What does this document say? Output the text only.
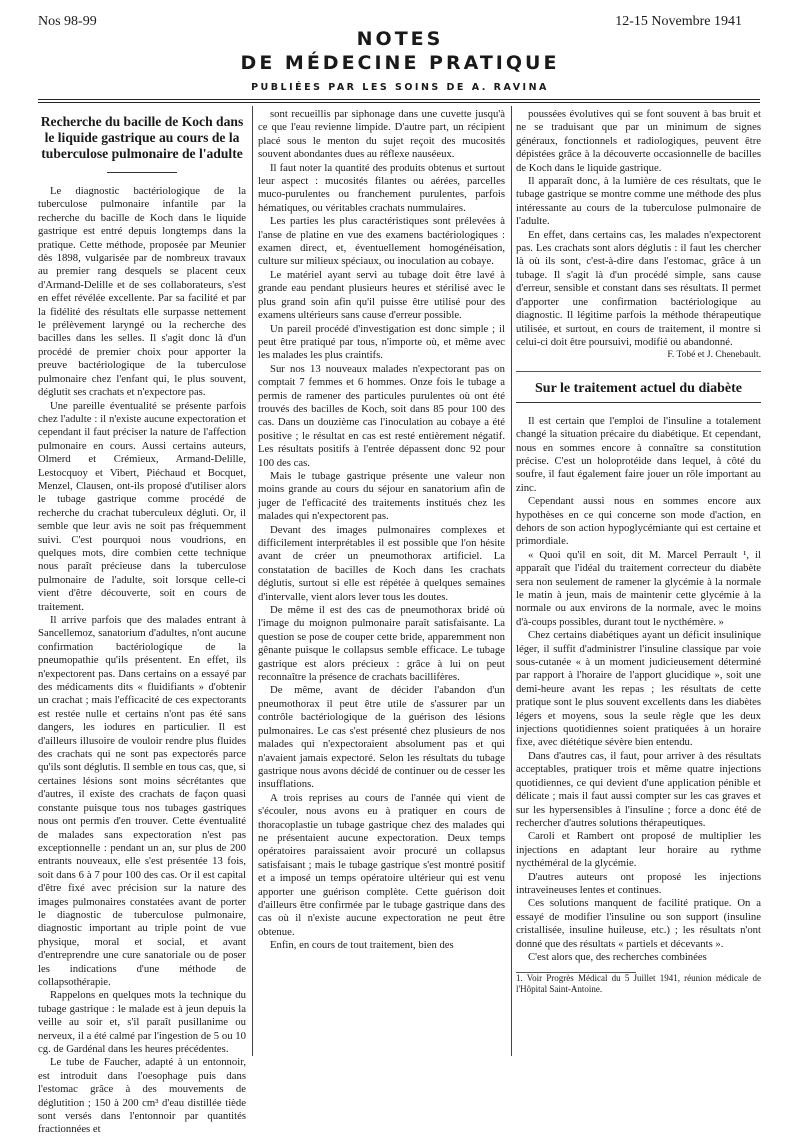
Nos 98-99	12-15 Novembre 1941
NOTES
DE MÉDECINE PRATIQUE
PUBLIÉES PAR LES SOINS DE A. RAVINA
Recherche du bacille de Koch dans le liquide gastrique au cours de la tuberculose pulmonaire de l'adulte

Le diagnostic bactériologique de la tuberculose pulmonaire infantile par la recherche du bacille de Koch dans le liquide gastrique est entré depuis longtemps dans la pratique. Cette méthode, proposée par Meunier dès 1898, vulgarisée par de nombreux travaux au premier rang desquels se placent ceux d'Armand-Delille et de ses collaborateurs, s'est en effet révélée excellente. Par sa facilité et par la fidélité des résultats elle surpasse nettement le prélèvement laryngé ou la recherche des bacilles dans les selles. Il s'agit donc là d'un procédé de premier choix pour apporter la preuve bactériologique de la tuberculose pulmonaire chez l'enfant qui, le plus souvent, déglutit ses crachats et n'expectore pas.

Une pareille éventualité se présente parfois chez l'adulte : il n'existe aucune expectoration et cependant il faut préciser la nature de l'affection pulmonaire en cours. Aussi certains auteurs, Olmerd et Crémieux, Armand-Delille, Lestocquoy et Vibert, Piéchaud et Bocquet, Menzel, Clausen, ont-ils proposé d'utiliser alors le tubage gastrique comme procédé de recherche du crachat tuberculeux dégluti. Or, il semble que leur avis ne soit pas fréquemment suivi. C'est pourquoi nous voudrions, en quelques mots, dire combien cette technique nous paraît précieuse dans la tuberculose pulmonaire de l'adulte, soit lorsque celle-ci vient d'être découverte, soit en cours de traitement.

Il arrive parfois que des malades entrant à Sancellemoz, sanatorium d'adultes, n'ont aucune confirmation bactériologique de la pneumopathie qu'ils présentent. En effet, ils n'expectorent pas. Dans certains on a essayé par des médicaments dits « fluidifiants » d'obtenir un crachat ; mais l'efficacité de ces expectorants est restée nulle et certains n'ont pas été sans dangers, les iodures en particulier. Il est d'ailleurs illusoire de vouloir rendre plus fluides des crachats qui ne sont pas expectorés parce qu'ils sont déglutis. Il semble en tous cas, que, si certaines lésions sont moins sécrétantes que d'autres, il existe des crachats de façon quasi constante puisque tous nos tubages gastriques nous ont permis d'en trouver. Cette éventualité de malades sans expectoration n'est pas exceptionnelle : pendant un an, sur plus de 200 entrants nouveaux, elle s'est présentée 13 fois, soit dans 6 à 7 pour 100 des cas. Or il est capital d'être fixé avec précision sur la nature des images pulmonaires constatées avant de porter le diagnostic de tuberculose pulmonaire, diagnostic important au triple point de vue physique, moral et social, et avant d'entreprendre une cure sanatoriale ou de poser les indications d'une méthode de collapsothérapie.

Rappelons en quelques mots la technique du tubage gastrique : le malade est à jeun depuis la veille au soir et, s'il paraît pusillanime ou nerveux, il a été calmé par l'ingestion de 5 ou 10 cg. de Gardénal dans les heures précédentes.

Le tube de Faucher, adapté à un entonnoir, est introduit dans l'oesophage puis dans l'estomac grâce à des mouvements de déglutition ; 150 à 200 cm³ d'eau distillée tiède sont versés dans l'entonnoir par quantités fractionnées et

sont recueillis par siphonage dans une cuvette jusqu'à ce que l'eau revienne limpide. D'autre part, un récipient placé sous le menton du sujet reçoit des mucosités souvent abondantes dues au réflexe nauséeux.

Il faut noter la quantité des produits obtenus et surtout leur aspect : mucosités filantes ou aérées, parcelles muco-purulentes ou franchement purulentes, parfois hématiques, ou véritables crachats nummulaires.

Les parties les plus caractéristiques sont prélevées à l'anse de platine en vue des examens bactériologiques : examen direct, et, éventuellement homogénéisation, culture sur milieux spéciaux, ou inoculation au cobaye.

Le matériel ayant servi au tubage doit être lavé à grande eau pendant plusieurs heures et stérilisé avec le plus grand soin afin qu'il puisse être utilisé pour des examens ultérieurs sans cause d'erreur possible.

Un pareil procédé d'investigation est donc simple ; il peut être pratiqué par tous, n'importe où, et même avec les malades les plus craintifs.

Sur nos 13 nouveaux malades n'expectorant pas on comptait 7 femmes et 6 hommes. Onze fois le tubage a permis de ramener des particules purulentes où ont été trouvés des bacilles de Koch, soit dans 85 pour 100 des cas. Dans un douzième cas l'inoculation au cobaye a été positive ; le résultat en cas est resté entièrement négatif. Les résultats positifs à l'entrée dépassent donc 92 pour 100 des cas.

Mais le tubage gastrique présente une valeur non moins grande au cours du séjour en sanatorium afin de juger de l'efficacité des traitements institués chez les malades qui n'expectorent pas.

Devant des images pulmonaires complexes et difficilement interprétables il est possible que l'on hésite avant de créer un pneumothorax artificiel. La constatation de bacilles de Koch dans les crachats déglutis, surtout si elle est répétée à quelques semaines d'intervalle, vient alors lever tous les doutes.

De même il est des cas de pneumothorax bridé où l'image du moignon pulmonaire paraît satisfaisante. La question se pose de couper cette bride, apparemment non gênante puisque le collapsus semble efficace. Le tubage gastrique est alors précieux : grâce à lui on peut reconnaître la présence de crachats bacillifères.

De même, avant de décider l'abandon d'un pneumothorax il peut être utile de s'assurer par un contrôle bactériologique de la guérison des lésions pulmonaires. Le cas s'est présenté chez plusieurs de nos malades qui n'expectoraient absolument pas et qui n'avaient jamais expectoré. Selon les résultats du tubage gastrique nous avons décidé de continuer ou de cesser les insufflations.

A trois reprises au cours de l'année qui vient de s'écouler, nous avons eu à pratiquer en cours de thoracoplastie un tubage gastrique chez des malades qui ne présentaient aucune expectoration. Deux temps opératoires paraissaient avoir procuré un collapsus satisfaisant ; mais le tubage gastrique s'est montré positif et a imposé un temps opératoire ultérieur qui est venu apporter une guérison complète. Cette guérison doit d'ailleurs être confirmée par le tubage gastrique dans des cas où il n'existe aucune expectoration ne peut être obtenue.

Enfin, en cours de tout traitement, bien des

poussées évolutives qui se font souvent à bas bruit et ne se traduisant que par un minimum de signes généraux, fonctionnels et radiologiques, peuvent être dépistées grâce à la découverte occasionnelle de bacilles de Koch dans le liquide gastrique.

Il apparaît donc, à la lumière de ces résultats, que le tubage gastrique se montre comme une méthode des plus intéressante au cours de la tuberculose pulmonaire de l'adulte.

En effet, dans certains cas, les malades n'expectorent pas. Les crachats sont alors déglutis : il faut les chercher là où ils sont, c'est-à-dire dans l'estomac, grâce à un tubage. Il s'agit là d'un procédé simple, sans cause d'erreur, sensible et constant dans ses résultats. Il permet d'apporter une confirmation bactériologique au diagnostic. Il légitime parfois la méthode thérapeutique utilisée, et surtout, en cours de traitement, il montre si celui-ci doit être poursuivi, modifié ou abandonné.

F. Tobé et J. Chenebault.

Sur le traitement actuel du diabète

Il est certain que l'emploi de l'insuline a totalement changé la situation précaire du diabétique. Et cependant, nous en sommes encore à connaître sa constitution précise. C'est un holoprotéide dans lequel, à côté du soufre, il faut également faire jouer un rôle important au zinc.

Cependant aussi nous en sommes encore aux hypothèses en ce qui concerne son mode d'action, en dehors de son action hypoglycémiante qui est certaine et primordiale.

« Quoi qu'il en soit, dit M. Marcel Perrault ¹, il apparaît que l'idéal du traitement correcteur du diabète sera non seulement de ramener la glycémie à la normale le matin à jeun, mais de maintenir cette glycémie à la normale ou aux environs de la normale, avec le moins d'à-coups possibles, durant tout le nycthémère. »

Chez certains diabétiques ayant un déficit insulinique léger, il suffit d'administrer l'insuline classique par voie sous-cutanée « à un moment judicieusement déterminé par rapport à l'horaire de l'apport glucidique », soit une demi-heure avant les repas ; les résultats de cette pratique sont le plus souvent excellents dans les diabètes légers et moyens, sous la seule règle que les deux injections quotidiennes soient pratiquées à un horaire fixe, avec diététique sévère bien entendu.

Dans d'autres cas, il faut, pour arriver à des résultats acceptables, pratiquer trois et même quatre injections quotidiennes, ce qui devient d'une application pénible et délicate ; mais il faut aussi compter sur les cas graves et sur les hypersensibles à l'insuline ; force a donc été de rechercher d'autres solutions thérapeutiques.

Caroli et Rambert ont proposé de multiplier les injections en adaptant leur horaire au rythme nycthéméral de la glycémie.

D'autres auteurs ont proposé les injections intraveineuses lentes et continues.

Ces solutions manquent de facilité pratique. On a essayé de modifier l'insuline ou son support (insuline cristallisée, insuline huileuse, etc.) ; les résultats n'ont donné que des résultats « partiels et décevants ».

C'est alors que, des recherches combinées

1. Voir Progrès Médical du 5 Juillet 1941, réunion médicale de l'Hôpital Saint-Antoine.
